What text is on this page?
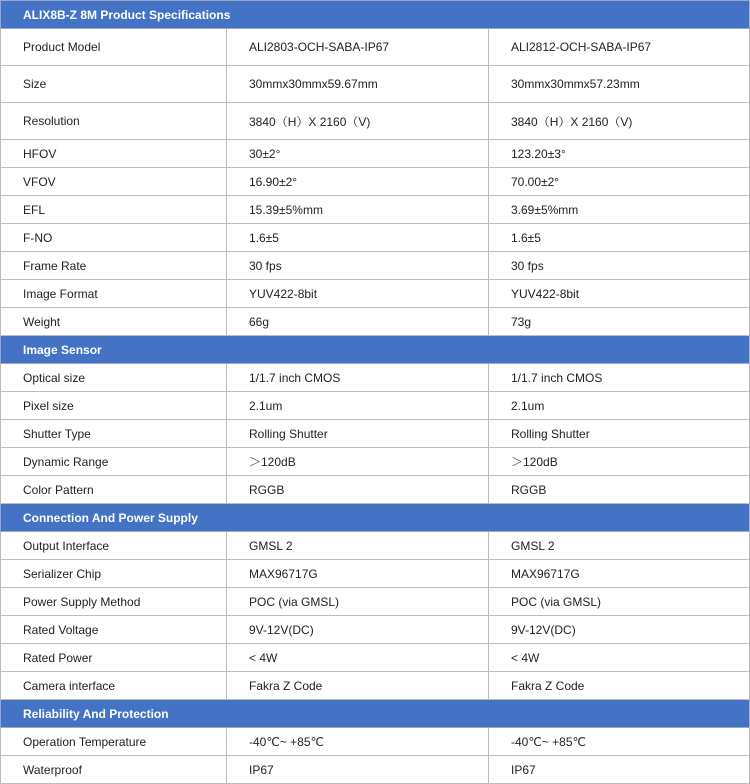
ALIX8B-Z 8M Product Specifications		
Product Model	ALI2803-OCH-SABA-IP67	ALI2812-OCH-SABA-IP67
Size	30mmx30mmx59.67mm	30mmx30mmx57.23mm
Resolution	3840（H）X 2160（V)	3840（H）X 2160（V)
HFOV	30±2°	123.20±3°
VFOV	16.90±2°	70.00±2°
EFL	15.39±5%mm	3.69±5%mm
F-NO	1.6±5	1.6±5
Frame Rate	30 fps	30 fps
Image Format	YUV422-8bit	YUV422-8bit
Weight	66g	73g
Image Sensor		
Optical size	1/1.7 inch CMOS	1/1.7 inch CMOS
Pixel size	2.1um	2.1um
Shutter Type	Rolling Shutter	Rolling Shutter
Dynamic Range	＞120dB	＞120dB
Color Pattern	RGGB	RGGB
Connection And Power Supply		
Output Interface	GMSL 2	GMSL 2
Serializer Chip	MAX96717G	MAX96717G
Power Supply Method	POC (via GMSL)	POC (via GMSL)
Rated Voltage	9V-12V(DC)	9V-12V(DC)
Rated Power	< 4W	< 4W
Camera interface	Fakra Z Code	Fakra Z Code
Reliability And Protection		
Operation Temperature	-40℃~ +85℃	-40℃~ +85℃
Waterproof	IP67	IP67
